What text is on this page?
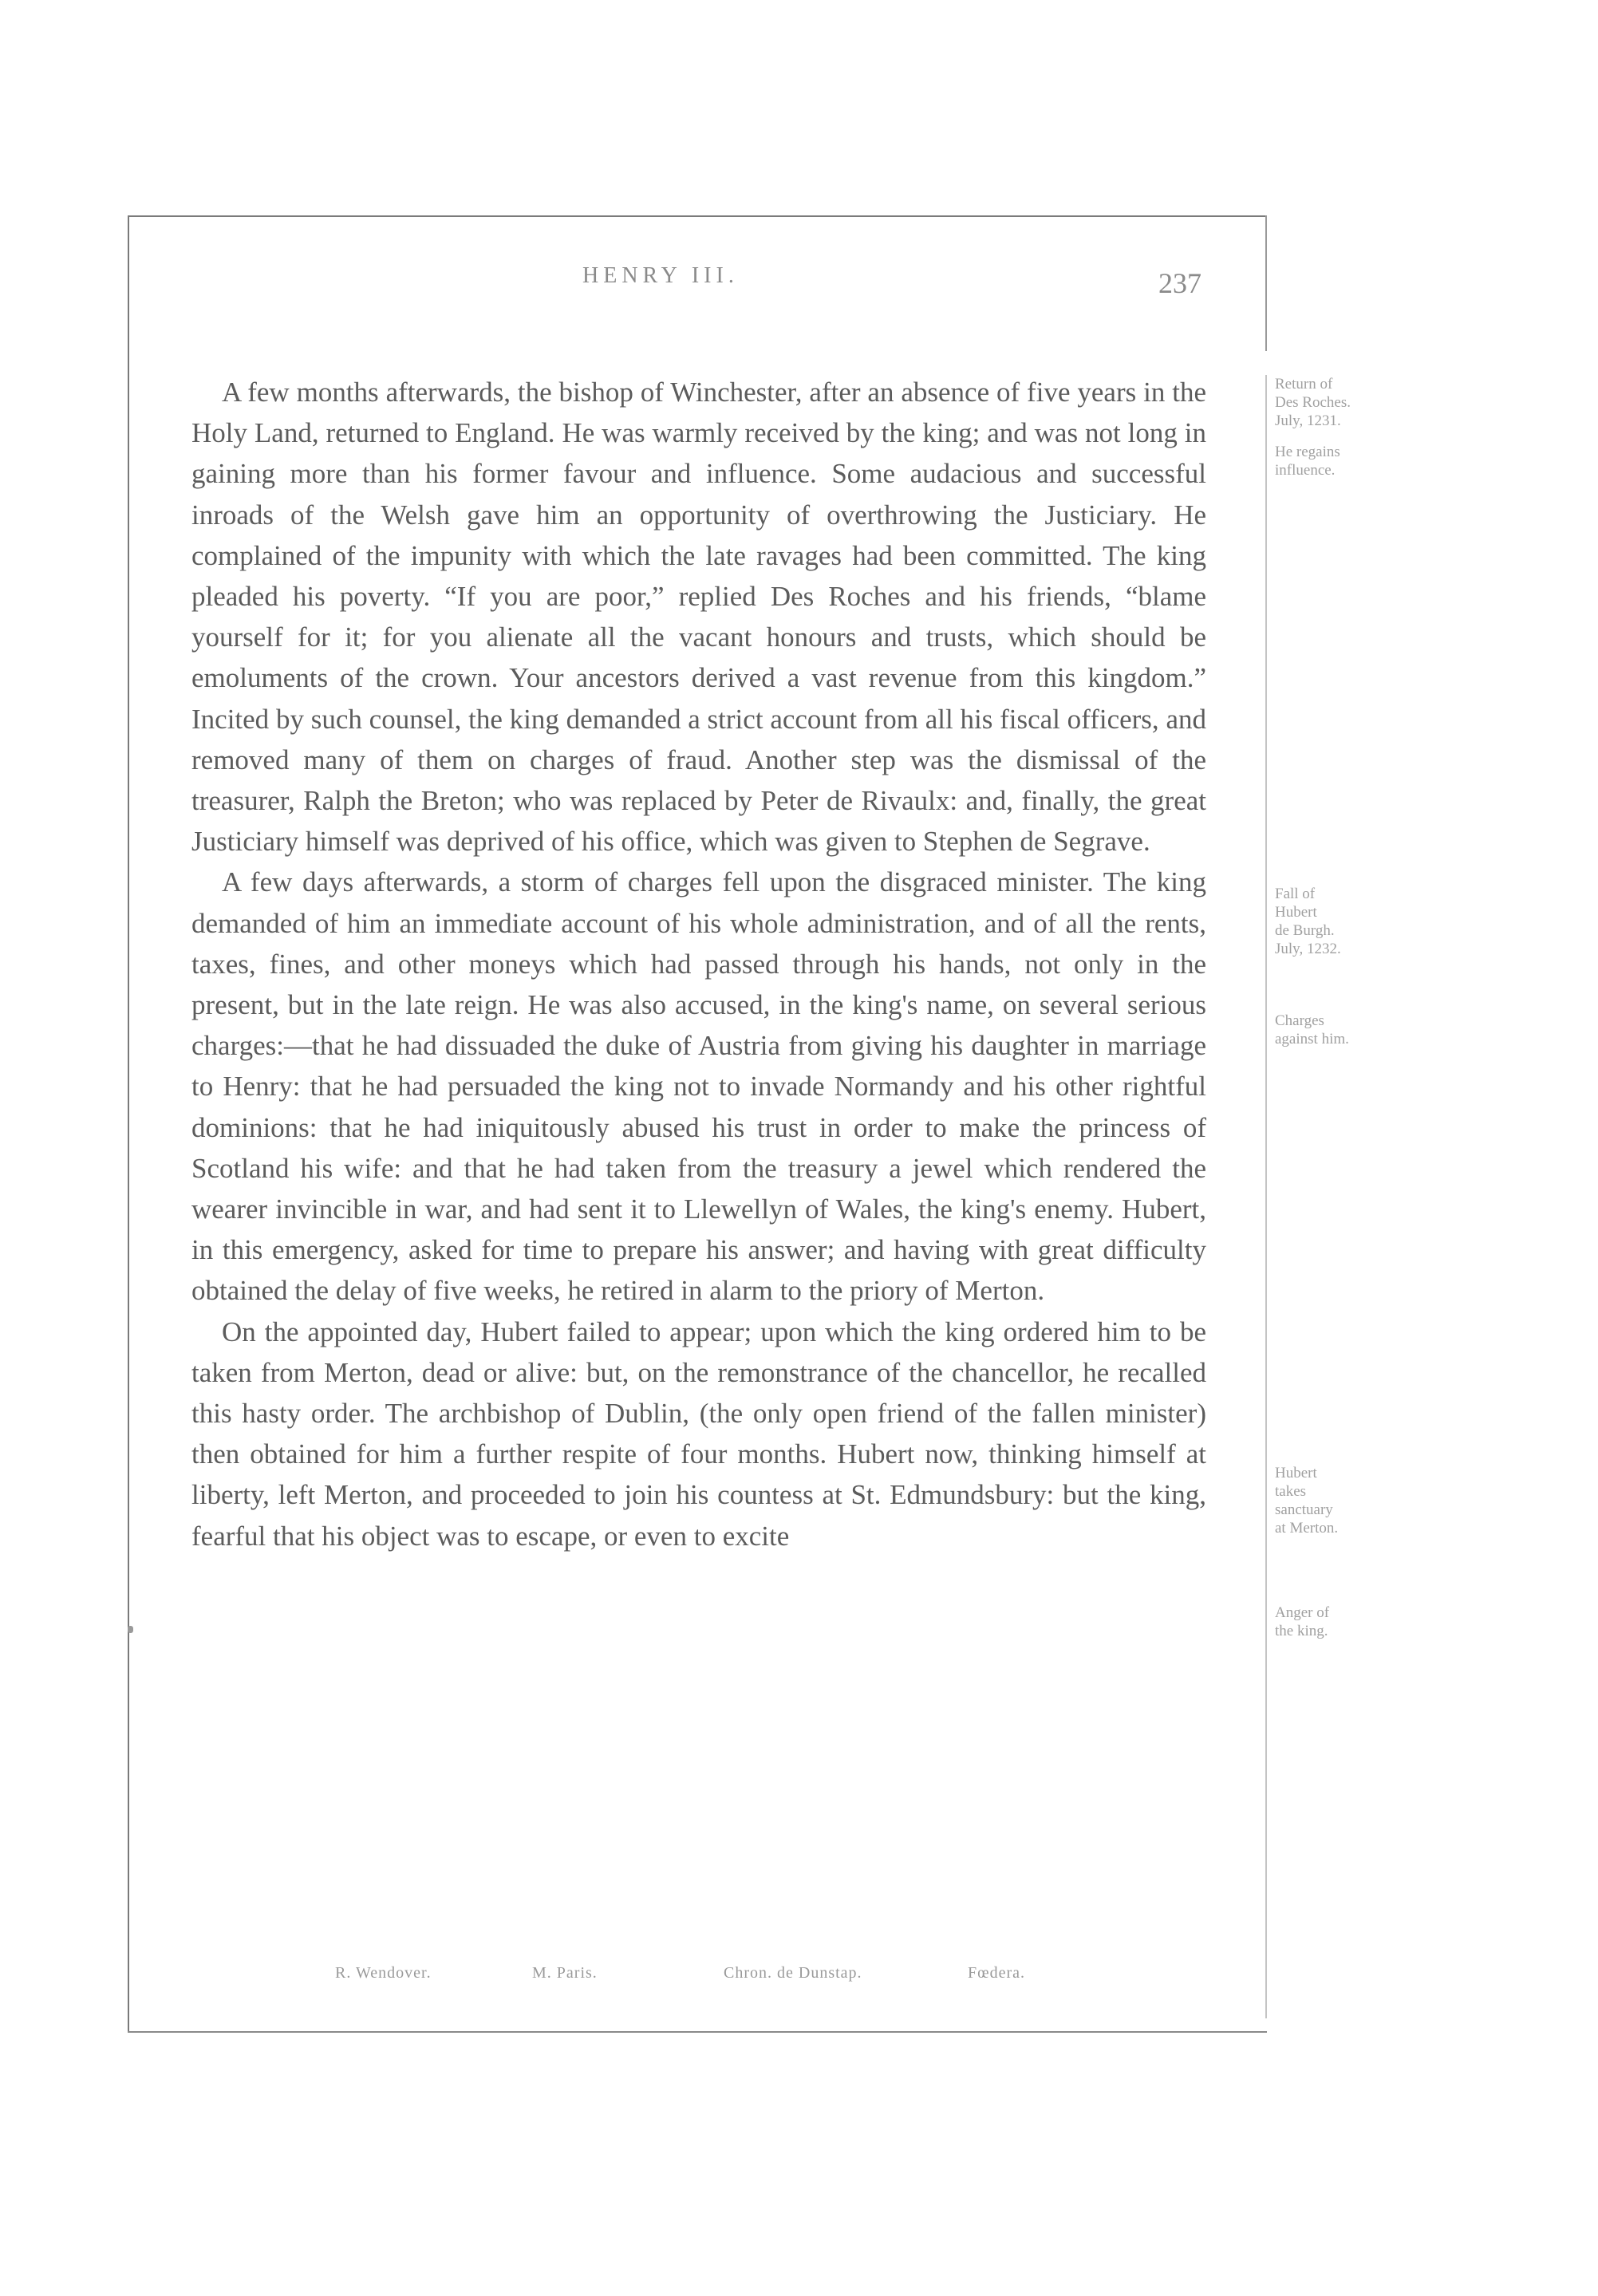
HENRY III.	237

A few months afterwards, the bishop of Winchester, after an absence of five years in the Holy Land, returned to England. He was warmly received by the king; and was not long in gaining more than his former favour and influence. Some audacious and successful inroads of the Welsh gave him an opportunity of overthrowing the Justiciary. He complained of the impunity with which the late ravages had been committed. The king pleaded his poverty. “If you are poor,” replied Des Roches and his friends, “blame yourself for it; for you alienate all the vacant honours and trusts, which should be emoluments of the crown. Your ancestors derived a vast revenue from this kingdom.” Incited by such counsel, the king demanded a strict account from all his fiscal officers, and removed many of them on charges of fraud. Another step was the dismissal of the treasurer, Ralph the Breton; who was replaced by Peter de Rivaulx: and, finally, the great Justiciary himself was deprived of his office, which was given to Stephen de Segrave.

A few days afterwards, a storm of charges fell upon the disgraced minister. The king demanded of him an immediate account of his whole administration, and of all the rents, taxes, fines, and other moneys which had passed through his hands, not only in the present, but in the late reign. He was also accused, in the king's name, on several serious charges:—that he had dissuaded the duke of Austria from giving his daughter in marriage to Henry: that he had persuaded the king not to invade Normandy and his other rightful dominions: that he had iniquitously abused his trust in order to make the princess of Scotland his wife: and that he had taken from the treasury a jewel which rendered the wearer invincible in war, and had sent it to Llewellyn of Wales, the king's enemy. Hubert, in this emergency, asked for time to prepare his answer; and having with great difficulty obtained the delay of five weeks, he retired in alarm to the priory of Merton.

On the appointed day, Hubert failed to appear; upon which the king ordered him to be taken from Merton, dead or alive: but, on the remonstrance of the chancellor, he recalled this hasty order. The archbishop of Dublin, (the only open friend of the fallen minister) then obtained for him a further respite of four months. Hubert now, thinking himself at liberty, left Merton, and proceeded to join his countess at St. Edmundsbury: but the king, fearful that his object was to escape, or even to excite

Return of
Des Roches.
July, 1231.
He regains
influence.
Fall of
Hubert
de Burgh.
July, 1232.
Charges
against him.
Hubert
takes
sanctuary
at Merton.
Anger of
the king.
R. Wendover.	M. Paris.	Chron. de Dunstap.	Fœdera.
